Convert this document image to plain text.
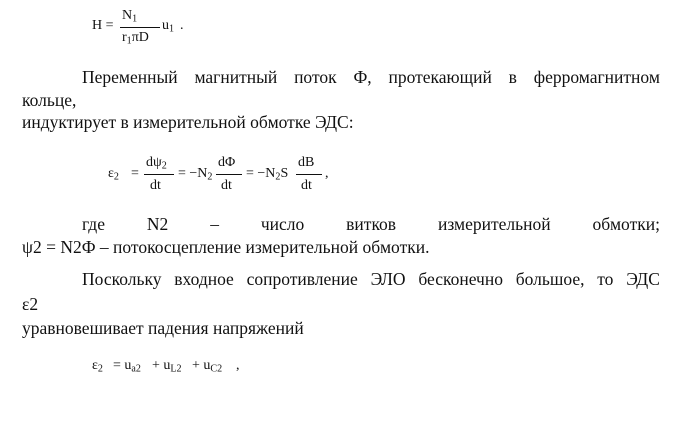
H =
$N_1$
$r_1\pi D$
$u_1$ .
Переменный магнитный поток Ф, протекающий в ферромагнитном
кольце,
индуктирует в измерительной обмотке ЭДС:
$\varepsilon_2$ =
$d\psi_2$
dt
= $-N_2$
dΦ
dt
= $-N_2S$
dB
dt
,
где N2 – число витков измерительной обмотки;
ψ2 = N2Ф – потокосцепление измерительной обмотки.
Поскольку входное сопротивление ЭЛО бесконечно большое, то ЭДС
ε2
уравновешивает падения напряжений
$\varepsilon_2 = u_{a2} + u_{L2} + u_{C2}$ ,
